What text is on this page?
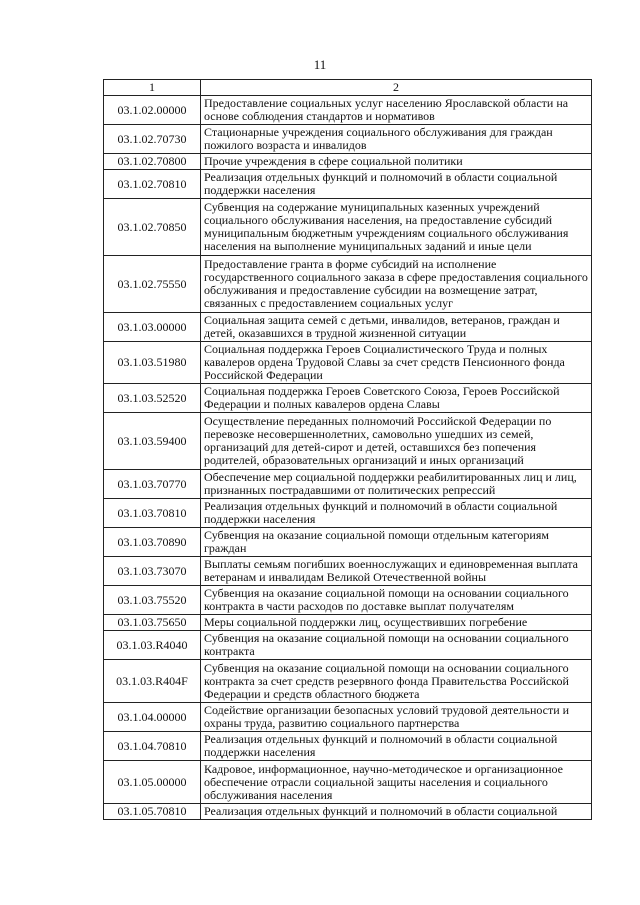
11
1	2
03.1.02.00000	Предоставление социальных услуг населению Ярославской области на основе соблюдения стандартов и нормативов
03.1.02.70730	Стационарные учреждения социального обслуживания для граждан пожилого возраста и инвалидов
03.1.02.70800	Прочие учреждения в сфере социальной политики
03.1.02.70810	Реализация отдельных функций и полномочий в области социальной поддержки населения
03.1.02.70850	Субвенция на содержание муниципальных казенных учреждений социального обслуживания населения, на предоставление субсидий муниципальным бюджетным учреждениям социального обслуживания населения на выполнение муниципальных заданий и иные цели
03.1.02.75550	Предоставление гранта в форме субсидий на исполнение государственного социального заказа в сфере предоставления социального обслуживания и предоставление субсидии на возмещение затрат, связанных с предоставлением социальных услуг
03.1.03.00000	Социальная защита семей с детьми, инвалидов, ветеранов, граждан и детей, оказавшихся в трудной жизненной ситуации
03.1.03.51980	Социальная поддержка Героев Социалистического Труда и полных кавалеров ордена Трудовой Славы за счет средств Пенсионного фонда Российской Федерации
03.1.03.52520	Социальная поддержка Героев Советского Союза, Героев Российской Федерации и полных кавалеров ордена Славы
03.1.03.59400	Осуществление переданных полномочий Российской Федерации по перевозке несовершеннолетних, самовольно ушедших из семей, организаций для детей-сирот и детей, оставшихся без попечения родителей, образовательных организаций и иных организаций
03.1.03.70770	Обеспечение мер социальной поддержки реабилитированных лиц и лиц, признанных пострадавшими от политических репрессий
03.1.03.70810	Реализация отдельных функций и полномочий в области социальной поддержки населения
03.1.03.70890	Субвенция на оказание социальной помощи отдельным категориям граждан
03.1.03.73070	Выплаты семьям погибших военнослужащих и единовременная выплата ветеранам и инвалидам Великой Отечественной войны
03.1.03.75520	Субвенция на оказание социальной помощи на основании социального контракта в части расходов по доставке выплат получателям
03.1.03.75650	Меры социальной поддержки лиц, осуществивших погребение
03.1.03.R4040	Субвенция на оказание социальной помощи на основании социального контракта
03.1.03.R404F	Субвенция на оказание социальной помощи на основании социального контракта за счет средств резервного фонда Правительства Российской Федерации и средств областного бюджета
03.1.04.00000	Содействие организации безопасных условий трудовой деятельности и охраны труда, развитию социального партнерства
03.1.04.70810	Реализация отдельных функций и полномочий в области социальной поддержки населения
03.1.05.00000	Кадровое, информационное, научно-методическое и организационное обеспечение отрасли социальной защиты населения и социального обслуживания населения
03.1.05.70810	Реализация отдельных функций и полномочий в области социальной
